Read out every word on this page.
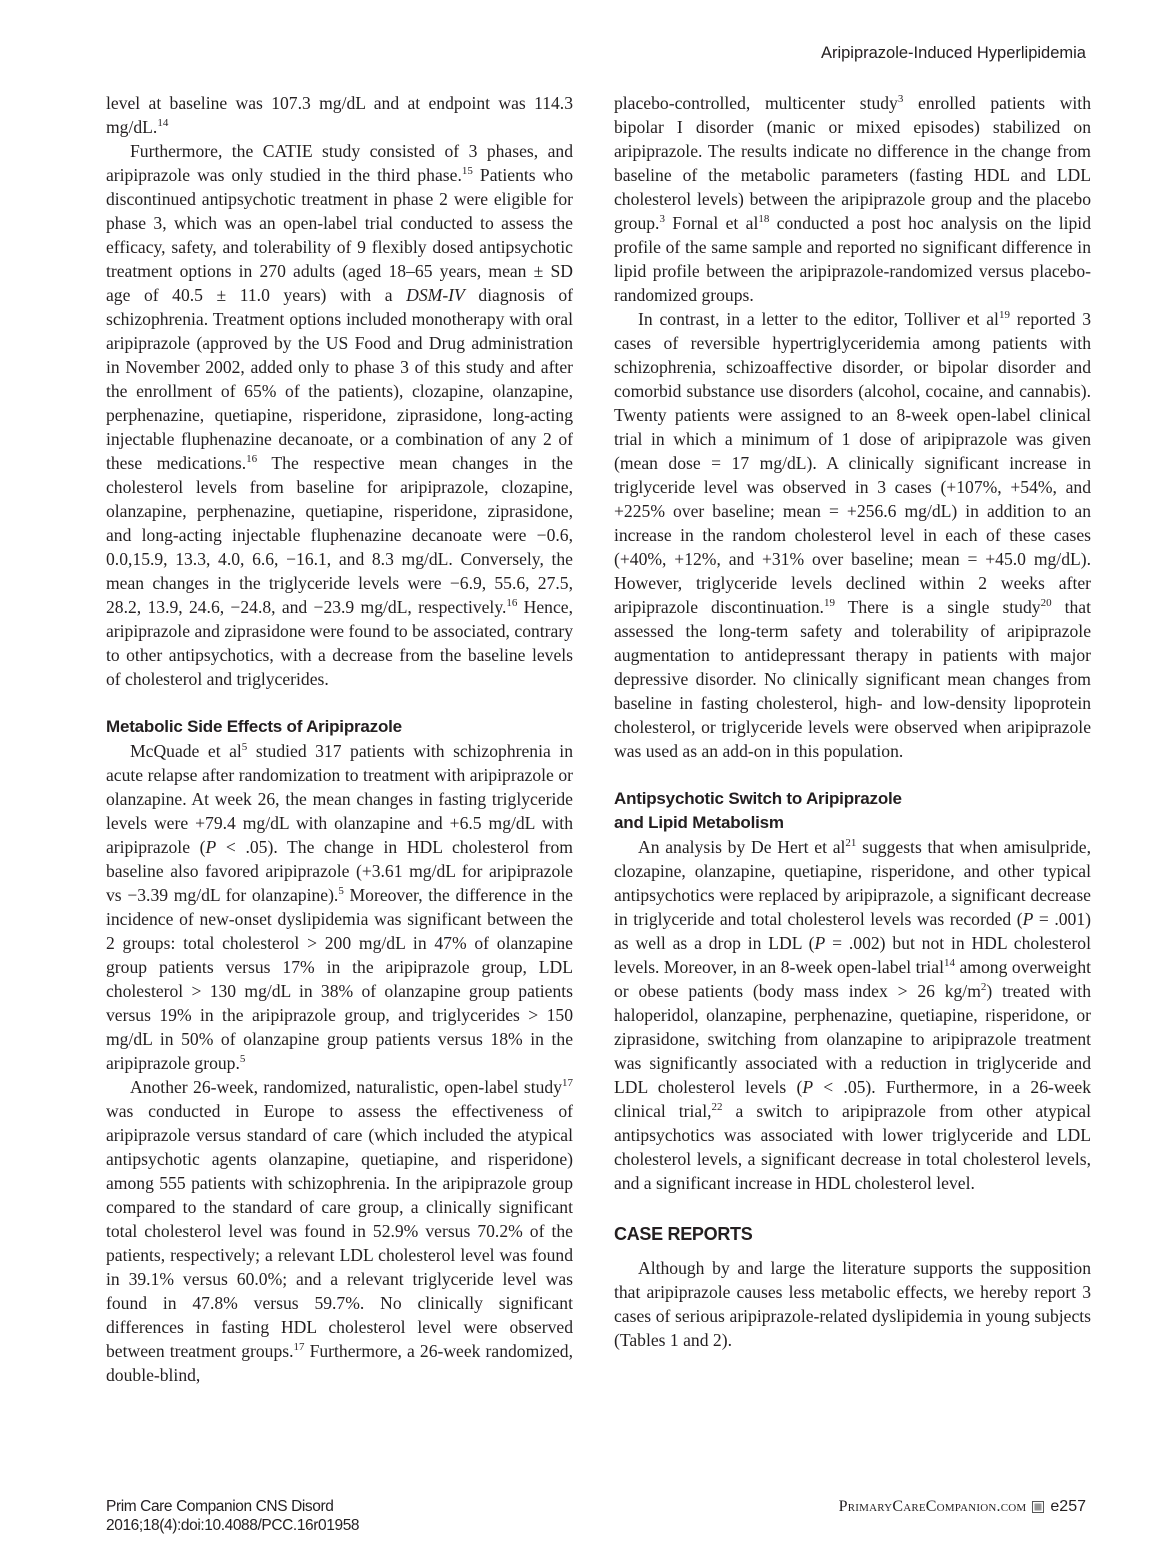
Aripiprazole-Induced Hyperlipidemia

level at baseline was 107.3 mg/dL and at endpoint was 114.3 mg/dL.$^{14}$

Furthermore, the CATIE study consisted of 3 phases, and aripiprazole was only studied in the third phase.$^{15}$ Patients who discontinued antipsychotic treatment in phase 2 were eligible for phase 3, which was an open-label trial conducted to assess the efficacy, safety, and tolerability of 9 flexibly dosed antipsychotic treatment options in 270 adults (aged 18–65 years, mean ± SD age of 40.5 ± 11.0 years) with a DSM-IV diagnosis of schizophrenia. Treatment options included monotherapy with oral aripiprazole (approved by the US Food and Drug administration in November 2002, added only to phase 3 of this study and after the enrollment of 65% of the patients), clozapine, olanzapine, perphenazine, quetiapine, risperidone, ziprasidone, long-acting injectable fluphenazine decanoate, or a combination of any 2 of these medications.$^{16}$ The respective mean changes in the cholesterol levels from baseline for aripiprazole, clozapine, olanzapine, perphenazine, quetiapine, risperidone, ziprasidone, and long-acting injectable fluphenazine decanoate were −0.6, 0.0,15.9, 13.3, 4.0, 6.6, −16.1, and 8.3 mg/dL. Conversely, the mean changes in the triglyceride levels were −6.9, 55.6, 27.5, 28.2, 13.9, 24.6, −24.8, and −23.9 mg/dL, respectively.$^{16}$ Hence, aripiprazole and ziprasidone were found to be associated, contrary to other antipsychotics, with a decrease from the baseline levels of cholesterol and triglycerides.

Metabolic Side Effects of Aripiprazole

McQuade et $al^5$ studied 317 patients with schizophrenia in acute relapse after randomization to treatment with aripiprazole or olanzapine. At week 26, the mean changes in fasting triglyceride levels were +79.4 mg/dL with olanzapine and +6.5 mg/dL with aripiprazole (P < .05). The change in HDL cholesterol from baseline also favored aripiprazole (+3.61 mg/dL for aripiprazole vs −3.39 mg/dL for olanzapine).$^5$ Moreover, the difference in the incidence of new-onset dyslipidemia was significant between the 2 groups: total cholesterol > 200 mg/dL in 47% of olanzapine group patients versus 17% in the aripiprazole group, LDL cholesterol > 130 mg/dL in 38% of olanzapine group patients versus 19% in the aripiprazole group, and triglycerides > 150 mg/dL in 50% of olanzapine group patients versus 18% in the aripiprazole group.$^5$

Another 26-week, randomized, naturalistic, open-label study$^{17}$ was conducted in Europe to assess the effectiveness of aripiprazole versus standard of care (which included the atypical antipsychotic agents olanzapine, quetiapine, and risperidone) among 555 patients with schizophrenia. In the aripiprazole group compared to the standard of care group, a clinically significant total cholesterol level was found in 52.9% versus 70.2% of the patients, respectively; a relevant LDL cholesterol level was found in 39.1% versus 60.0%; and a relevant triglyceride level was found in 47.8% versus 59.7%. No clinically significant differences in fasting HDL cholesterol level were observed between treatment groups.$^{17}$ Furthermore, a 26-week randomized, double-blind,

placebo-controlled, multicenter study$^3$ enrolled patients with bipolar I disorder (manic or mixed episodes) stabilized on aripiprazole. The results indicate no difference in the change from baseline of the metabolic parameters (fasting HDL and LDL cholesterol levels) between the aripiprazole group and the placebo group.$^3$ Fornal et $al^{18}$ conducted a post hoc analysis on the lipid profile of the same sample and reported no significant difference in lipid profile between the aripiprazole-randomized versus placebo-randomized groups.

In contrast, in a letter to the editor, Tolliver et $al^{19}$ reported 3 cases of reversible hypertriglyceridemia among patients with schizophrenia, schizoaffective disorder, or bipolar disorder and comorbid substance use disorders (alcohol, cocaine, and cannabis). Twenty patients were assigned to an 8-week open-label clinical trial in which a minimum of 1 dose of aripiprazole was given (mean dose = 17 mg/dL). A clinically significant increase in triglyceride level was observed in 3 cases (+107%, +54%, and +225% over baseline; mean = +256.6 mg/dL) in addition to an increase in the random cholesterol level in each of these cases (+40%, +12%, and +31% over baseline; mean = +45.0 mg/dL). However, triglyceride levels declined within 2 weeks after aripiprazole discontinuation.$^{19}$ There is a single study$^{20}$ that assessed the long-term safety and tolerability of aripiprazole augmentation to antidepressant therapy in patients with major depressive disorder. No clinically significant mean changes from baseline in fasting cholesterol, high- and low-density lipoprotein cholesterol, or triglyceride levels were observed when aripiprazole was used as an add-on in this population.

Antipsychotic Switch to Aripiprazole
and Lipid Metabolism

An analysis by De Hert et $al^{21}$ suggests that when amisulpride, clozapine, olanzapine, quetiapine, risperidone, and other typical antipsychotics were replaced by aripiprazole, a significant decrease in triglyceride and total cholesterol levels was recorded (P = .001) as well as a drop in LDL (P = .002) but not in HDL cholesterol levels. Moreover, in an 8-week open-label trial$^{14}$ among overweight or obese patients (body mass index > 26 $kg/m^2$) treated with haloperidol, olanzapine, perphenazine, quetiapine, risperidone, or ziprasidone, switching from olanzapine to aripiprazole treatment was significantly associated with a reduction in triglyceride and LDL cholesterol levels (P < .05). Furthermore, in a 26-week clinical trial,$^{22}$ a switch to aripiprazole from other atypical antipsychotics was associated with lower triglyceride and LDL cholesterol levels, a significant decrease in total cholesterol levels, and a significant increase in HDL cholesterol level.

CASE REPORTS

Although by and large the literature supports the supposition that aripiprazole causes less metabolic effects, we hereby report 3 cases of serious aripiprazole-related dyslipidemia in young subjects (Tables 1 and 2).

Prim Care Companion CNS Disord
2016;18(4):doi:10.4088/PCC.16r01958
PrimaryCareCompanion.com e257
